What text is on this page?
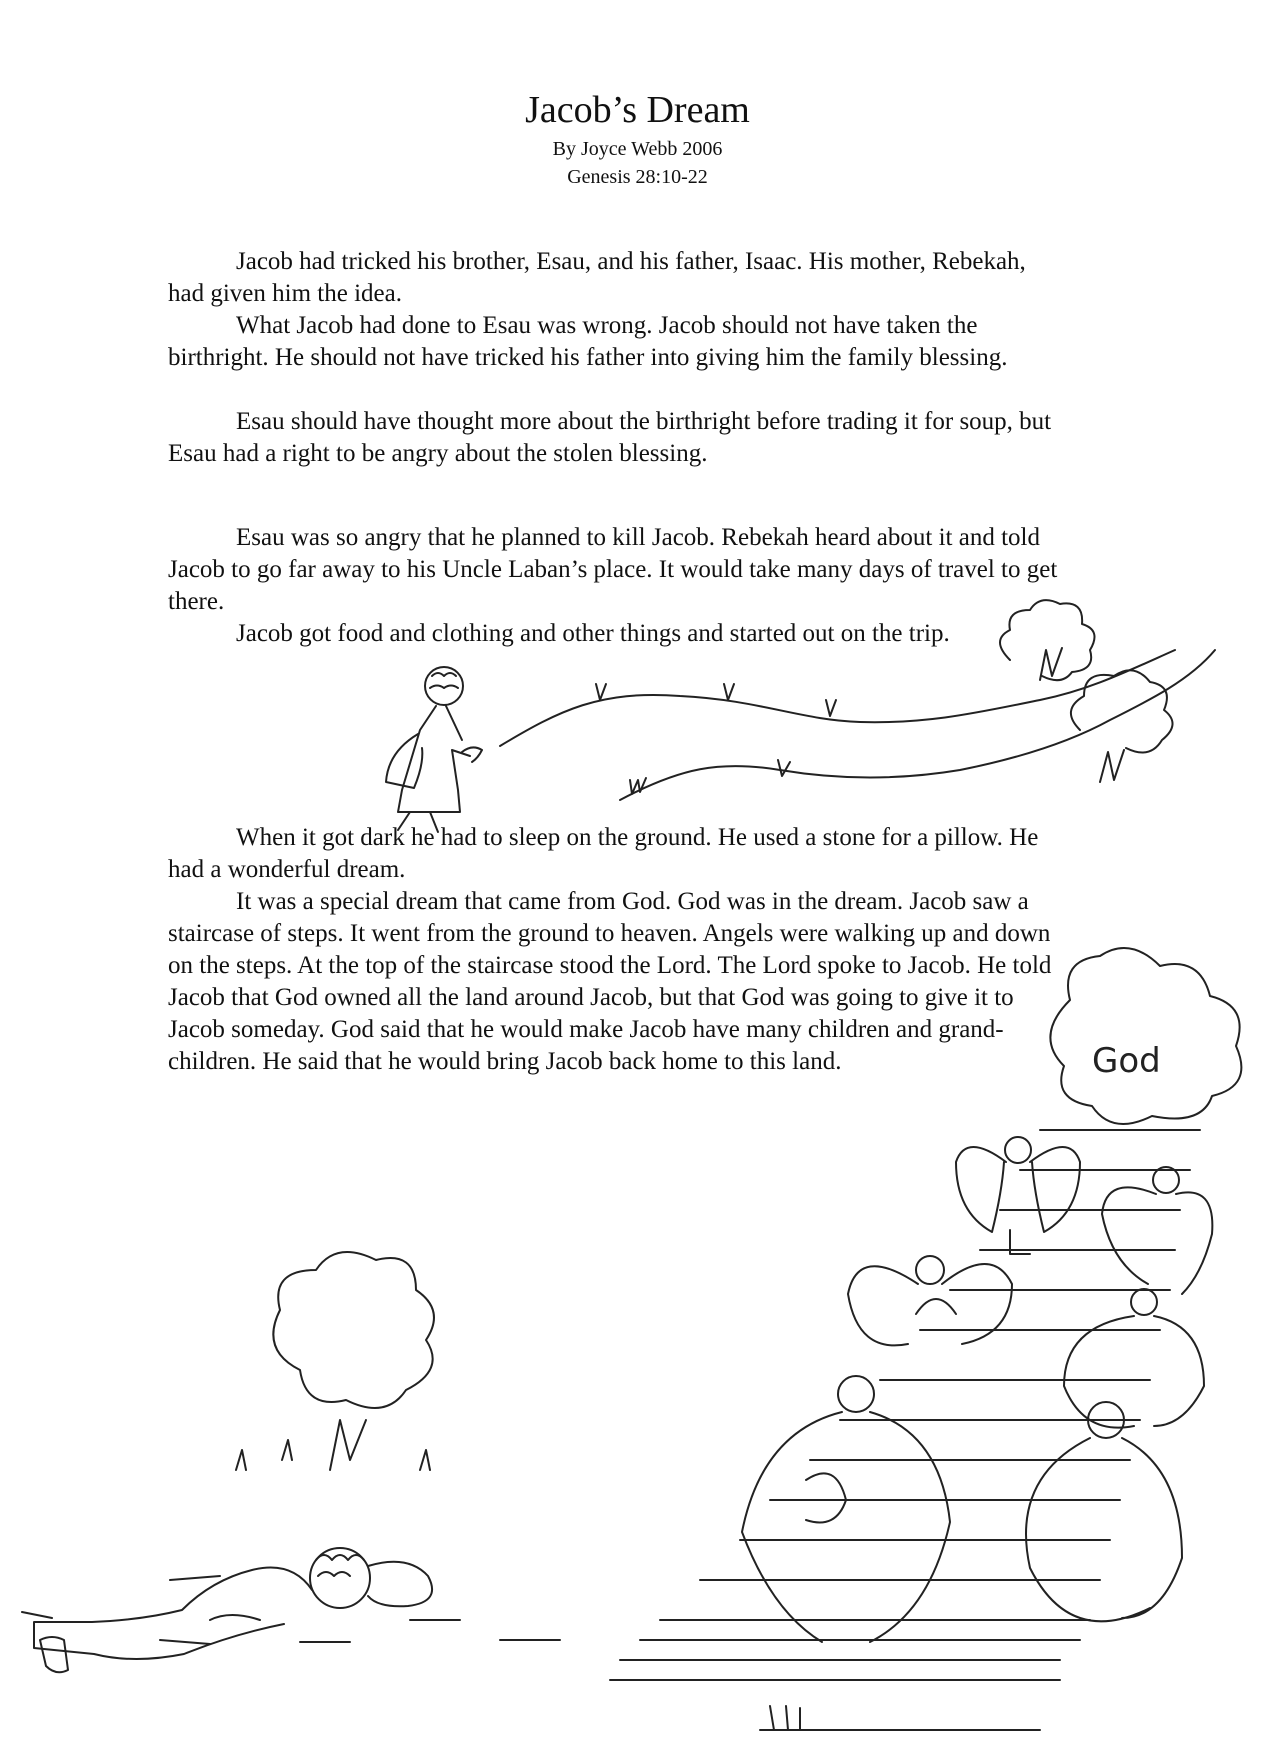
Jacob’s Dream
By Joyce Webb 2006
Genesis 28:10-22

Jacob had tricked his brother, Esau, and his father, Isaac. His mother, Rebekah, had given him the idea.

What Jacob had done to Esau was wrong. Jacob should not have taken the birthright. He should not have tricked his father into giving him the family blessing.

Esau should have thought more about the birthright before trading it for soup, but Esau had a right to be angry about the stolen blessing.

Esau was so angry that he planned to kill Jacob. Rebekah heard about it and told Jacob to go far away to his Uncle Laban’s place. It would take many days of travel to get there.

Jacob got food and clothing and other things and started out on the trip.

When it got dark he had to sleep on the ground. He used a stone for a pillow. He had a wonderful dream.

It was a special dream that came from God. God was in the dream. Jacob saw a staircase of steps. It went from the ground to heaven. Angels were walking up and down on the steps. At the top of the staircase stood the Lord. The Lord spoke to Jacob. He told Jacob that God owned all the land around Jacob, but that God was going to give it to Jacob someday. God said that he would make Jacob have many children and grand-children. He said that he would bring Jacob back home to this land.	God
